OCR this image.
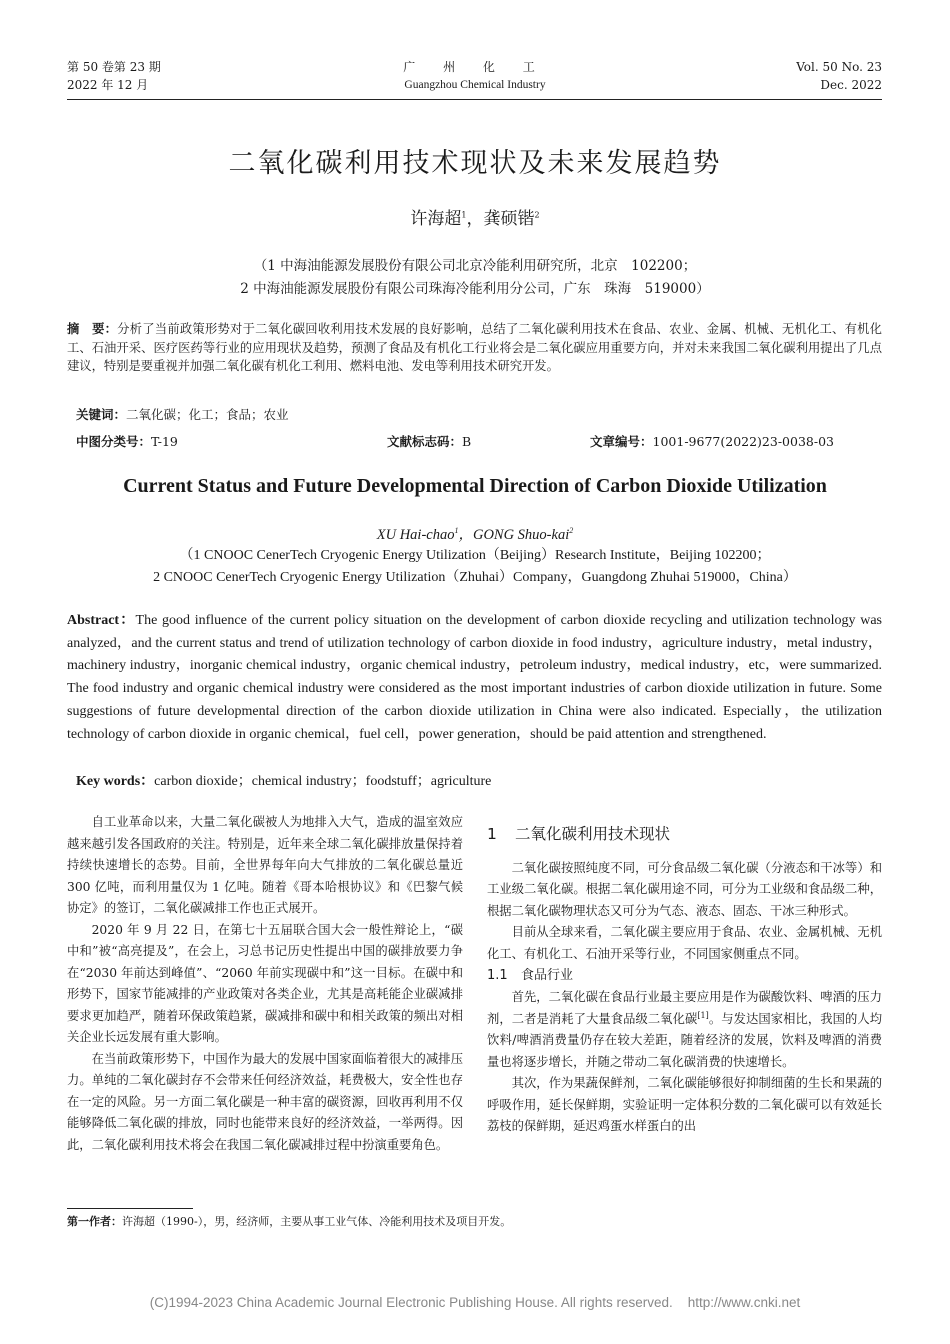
第 50 卷第 23 期
2022 年 12 月
广 州 化 工
Guangzhou Chemical Industry
Vol. 50 No. 23
Dec. 2022
二氧化碳利用技术现状及未来发展趋势
许海超$^1$，龚硕锴$^2$
（1 中海油能源发展股份有限公司北京冷能利用研究所，北京　102200；
2 中海油能源发展股份有限公司珠海冷能利用分公司，广东　珠海　519000）
摘　要：分析了当前政策形势对于二氧化碳回收利用技术发展的良好影响，总结了二氧化碳利用技术在食品、农业、金属、机械、无机化工、有机化工、石油开采、医疗医药等行业的应用现状及趋势，预测了食品及有机化工行业将会是二氧化碳应用重要方向，并对未来我国二氧化碳利用提出了几点建议，特别是要重视并加强二氧化碳有机化工利用、燃料电池、发电等利用技术研究开发。
关键词：二氧化碳；化工；食品；农业
中图分类号：T-19	文献标志码：B	文章编号：1001-9677(2022)23-0038-03
Current Status and Future Developmental Direction of Carbon Dioxide Utilization
XU Hai-chao$^1$，GONG Shuo-kai$^2$
（1 CNOOC CenerTech Cryogenic Energy Utilization（Beijing）Research Institute，Beijing 102200；
2 CNOOC CenerTech Cryogenic Energy Utilization（Zhuhai）Company，Guangdong Zhuhai 519000，China）
Abstract：The good influence of the current policy situation on the development of carbon dioxide recycling and utilization technology was analyzed，and the current status and trend of utilization technology of carbon dioxide in food industry，agriculture industry，metal industry，machinery industry，inorganic chemical industry，organic chemical industry，petroleum industry，medical industry，etc，were summarized. The food industry and organic chemical industry were considered as the most important industries of carbon dioxide utilization in future. Some suggestions of future developmental direction of the carbon dioxide utilization in China were also indicated. Especially，the utilization technology of carbon dioxide in organic chemical，fuel cell，power generation，should be paid attention and strengthened.
Key words：carbon dioxide；chemical industry；foodstuff；agriculture

自工业革命以来，大量二氧化碳被人为地排入大气，造成的温室效应越来越引发各国政府的关注。特别是，近年来全球二氧化碳排放量保持着持续快速增长的态势。目前，全世界每年向大气排放的二氧化碳总量近 300 亿吨，而利用量仅为 1 亿吨。随着《哥本哈根协议》和《巴黎气候协定》的签订，二氧化碳减排工作也正式展开。

2020 年 9 月 22 日，在第七十五届联合国大会一般性辩论上，“碳中和”被“高亮提及”，在会上，习总书记历史性提出中国的碳排放要力争在“2030 年前达到峰值”、“2060 年前实现碳中和”这一目标。在碳中和形势下，国家节能减排的产业政策对各类企业，尤其是高耗能企业碳减排要求更加趋严，随着环保政策趋紧，碳减排和碳中和相关政策的频出对相关企业长远发展有重大影响。

在当前政策形势下，中国作为最大的发展中国家面临着很大的减排压力。单纯的二氧化碳封存不会带来任何经济效益，耗费极大，安全性也存在一定的风险。另一方面二氧化碳是一种丰富的碳资源，回收再利用不仅能够降低二氧化碳的排放，同时也能带来良好的经济效益，一举两得。因此，二氧化碳利用技术将会在我国二氧化碳减排过程中扮演重要角色。

1 二氧化碳利用技术现状

二氧化碳按照纯度不同，可分食品级二氧化碳（分液态和干冰等）和工业级二氧化碳。根据二氧化碳用途不同，可分为工业级和食品级二种，根据二氧化碳物理状态又可分为气态、液态、固态、干冰三种形式。

目前从全球来看，二氧化碳主要应用于食品、农业、金属机械、无机化工、有机化工、石油开采等行业，不同国家侧重点不同。

1.1 食品行业

首先，二氧化碳在食品行业最主要应用是作为碳酸饮料、啤酒的压力剂，二者是消耗了大量食品级二氧化碳[1]。与发达国家相比，我国的人均饮料/啤酒消费量仍存在较大差距，随着经济的发展，饮料及啤酒的消费量也将逐步增长，并随之带动二氧化碳消费的快速增长。

其次，作为果蔬保鲜剂，二氧化碳能够很好抑制细菌的生长和果蔬的呼吸作用，延长保鲜期，实验证明一定体积分数的二氧化碳可以有效延长荔枝的保鲜期，延迟鸡蛋水样蛋白的出

第一作者：许海超（1990-），男，经济师，主要从事工业气体、冷能利用技术及项目开发。
(C)1994-2023 China Academic Journal Electronic Publishing House. All rights reserved.    http://www.cnki.net
